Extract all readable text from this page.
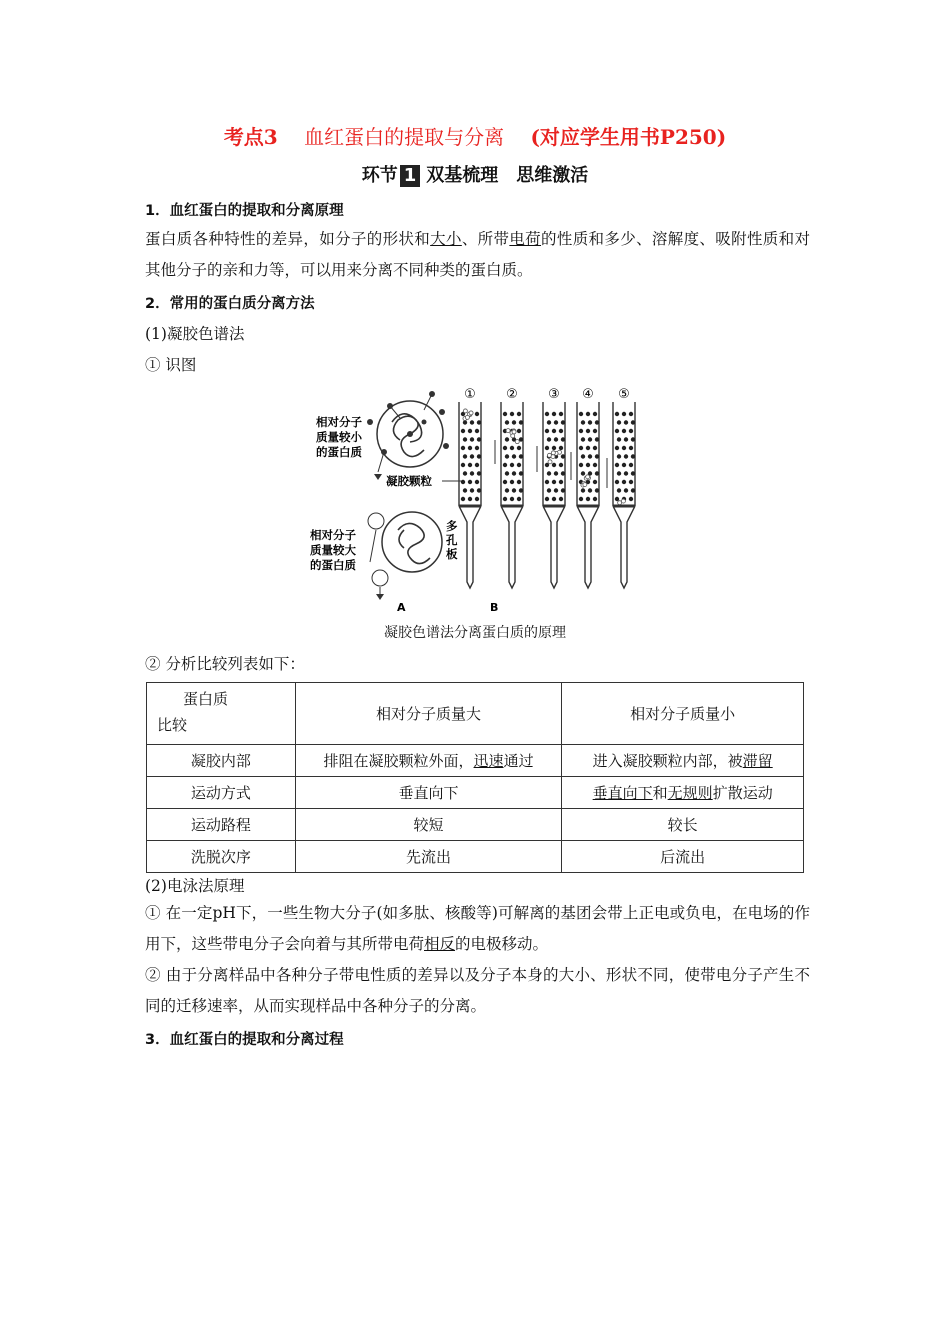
考点3　 血红蛋白的提取与分离　 (对应学生用书P250)
环节 1 双基梳理　思维激活
1．血红蛋白的提取和分离原理
蛋白质各种特性的差异，如分子的形状和大小、所带电荷的性质和多少、溶解度、吸附性质和对其他分子的亲和力等，可以用来分离不同种类的蛋白质。
2．常用的蛋白质分离方法
(1)凝胶色谱法
① 识图
相对分子
质量较小
的蛋白质
凝胶颗粒
相对分子
质量较大
的蛋白质
A
① ② ③ ④ ⑤
B
多
孔
板
凝胶色谱法分离蛋白质的原理
② 分析比较列表如下：
蛋白质
比较	相对分子质量大	相对分子质量小
凝胶内部	排阻在凝胶颗粒外面，迅速通过	进入凝胶颗粒内部，被滞留
运动方式	垂直向下	垂直向下和无规则扩散运动
运动路程	较短	较长
洗脱次序	先流出	后流出
(2)电泳法原理
① 在一定pH下，一些生物大分子(如多肽、核酸等)可解离的基团会带上正电或负电，在电场的作用下，这些带电分子会向着与其所带电荷相反的电极移动。
② 由于分离样品中各种分子带电性质的差异以及分子本身的大小、形状不同，使带电分子产生不同的迁移速率，从而实现样品中各种分子的分离。
3．血红蛋白的提取和分离过程
